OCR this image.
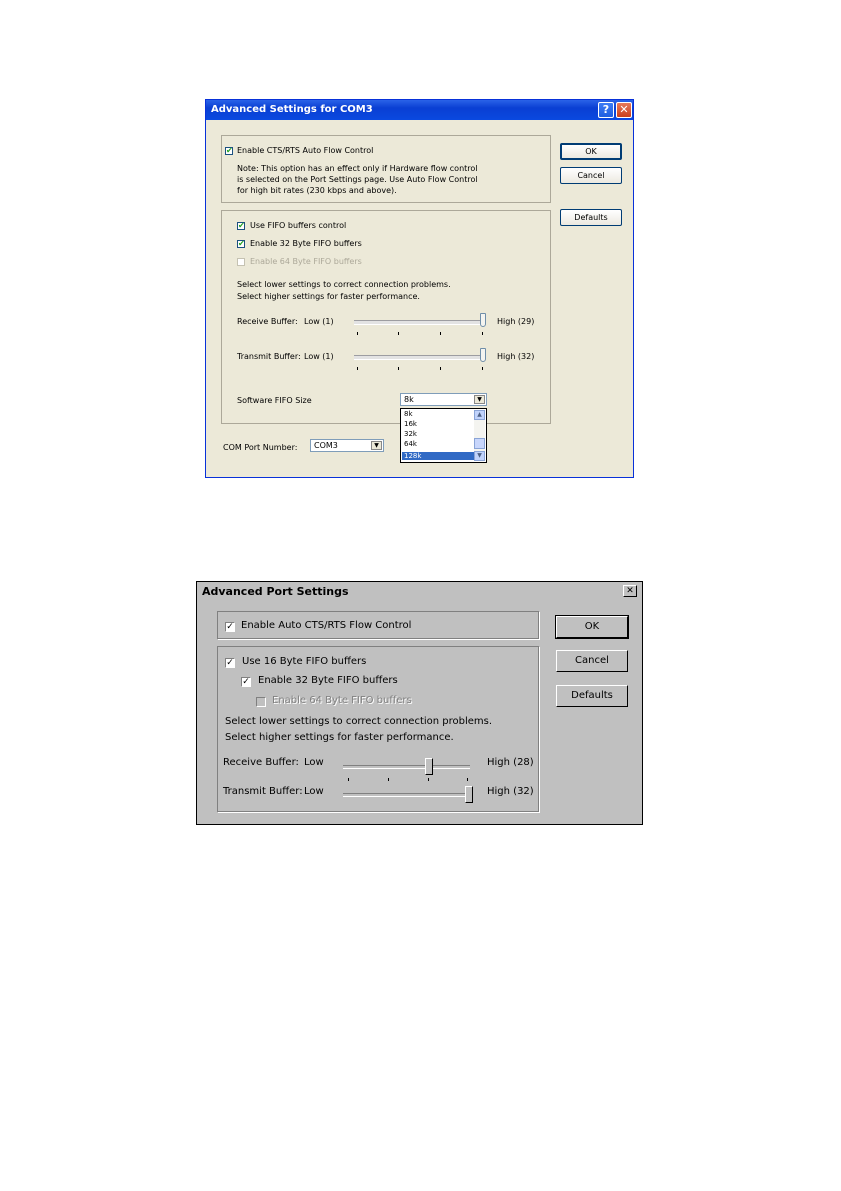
Advanced Settings for COM3	? ✕
✔ Enable CTS/RTS Auto Flow Control
Note: This option has an effect only if Hardware flow control
is selected on the Port Settings page. Use Auto Flow Control
for high bit rates (230 kbps and above).
✔ Use FIFO buffers control
✔ Enable 32 Byte FIFO buffers
Enable 64 Byte FIFO buffers
Select lower settings to correct connection problems.
Select higher settings for faster performance.
Receive Buffer: Low (1)	High (29)
Transmit Buffer: Low (1)	High (32)
Software FIFO Size	8k	▼
8k
16k
32k
64k
128k
▲
▼
COM Port Number: COM3	▼
OK
Cancel
Defaults
Advanced Port Settings	✕
✓ Enable Auto CTS/RTS Flow Control
✓ Use 16 Byte FIFO buffers
✓ Enable 32 Byte FIFO buffers
Enable 64 Byte FIFO buffers
Select lower settings to correct connection problems.
Select higher settings for faster performance.
Receive Buffer: Low	High (28)
Transmit Buffer: Low	High (32)
OK
Cancel
Defaults
